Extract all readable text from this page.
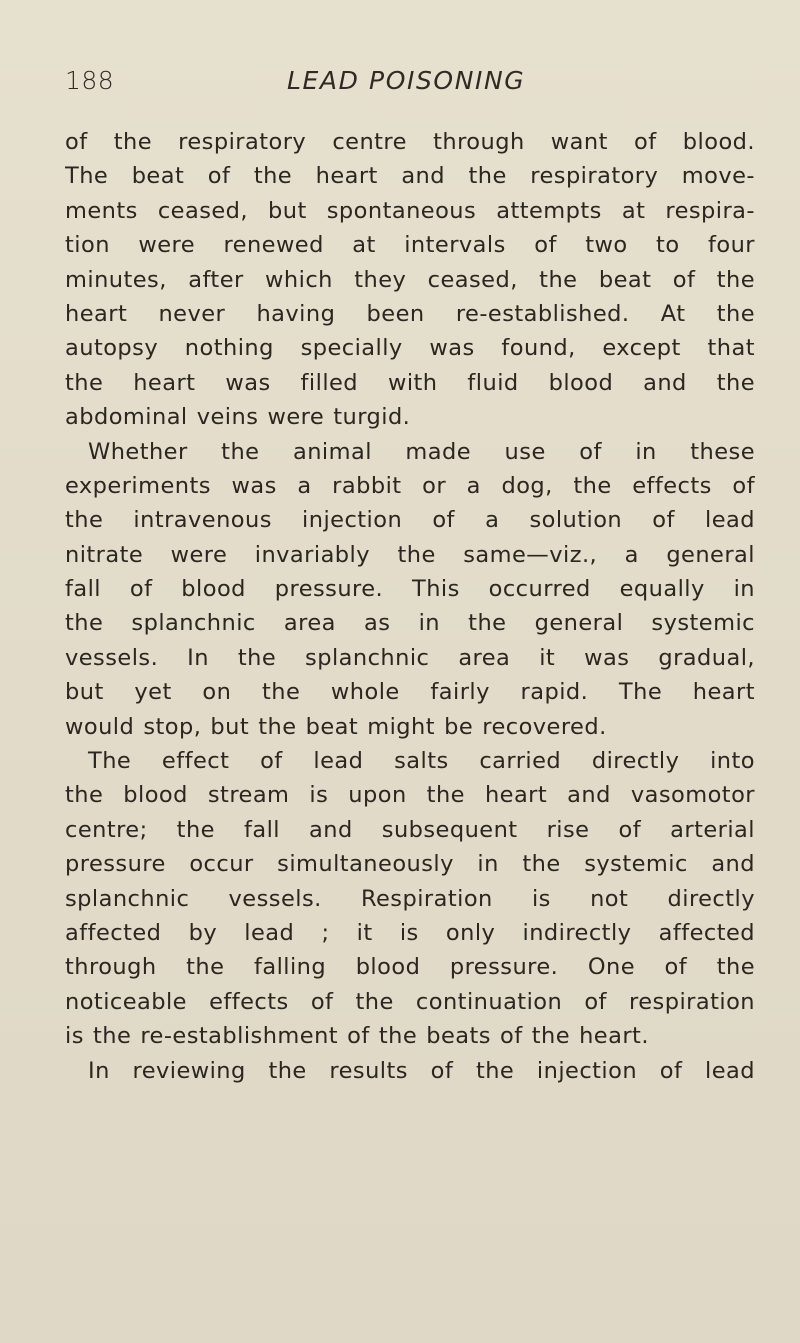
188	LEAD POISONING
of the respiratory centre through want of blood.
The beat of the heart and the respiratory move-
ments ceased, but spontaneous attempts at respira-
tion were renewed at intervals of two to four
minutes, after which they ceased, the beat of the
heart never having been re-established. At the
autopsy nothing specially was found, except that
the heart was filled with fluid blood and the
abdominal veins were turgid.
Whether the animal made use of in these
experiments was a rabbit or a dog, the effects of
the intravenous injection of a solution of lead
nitrate were invariably the same—viz., a general
fall of blood pressure. This occurred equally in
the splanchnic area as in the general systemic
vessels. In the splanchnic area it was gradual,
but yet on the whole fairly rapid. The heart
would stop, but the beat might be recovered.
The effect of lead salts carried directly into
the blood stream is upon the heart and vasomotor
centre; the fall and subsequent rise of arterial
pressure occur simultaneously in the systemic and
splanchnic vessels. Respiration is not directly
affected by lead ; it is only indirectly affected
through the falling blood pressure. One of the
noticeable effects of the continuation of respiration
is the re-establishment of the beats of the heart.
In reviewing the results of the injection of lead
